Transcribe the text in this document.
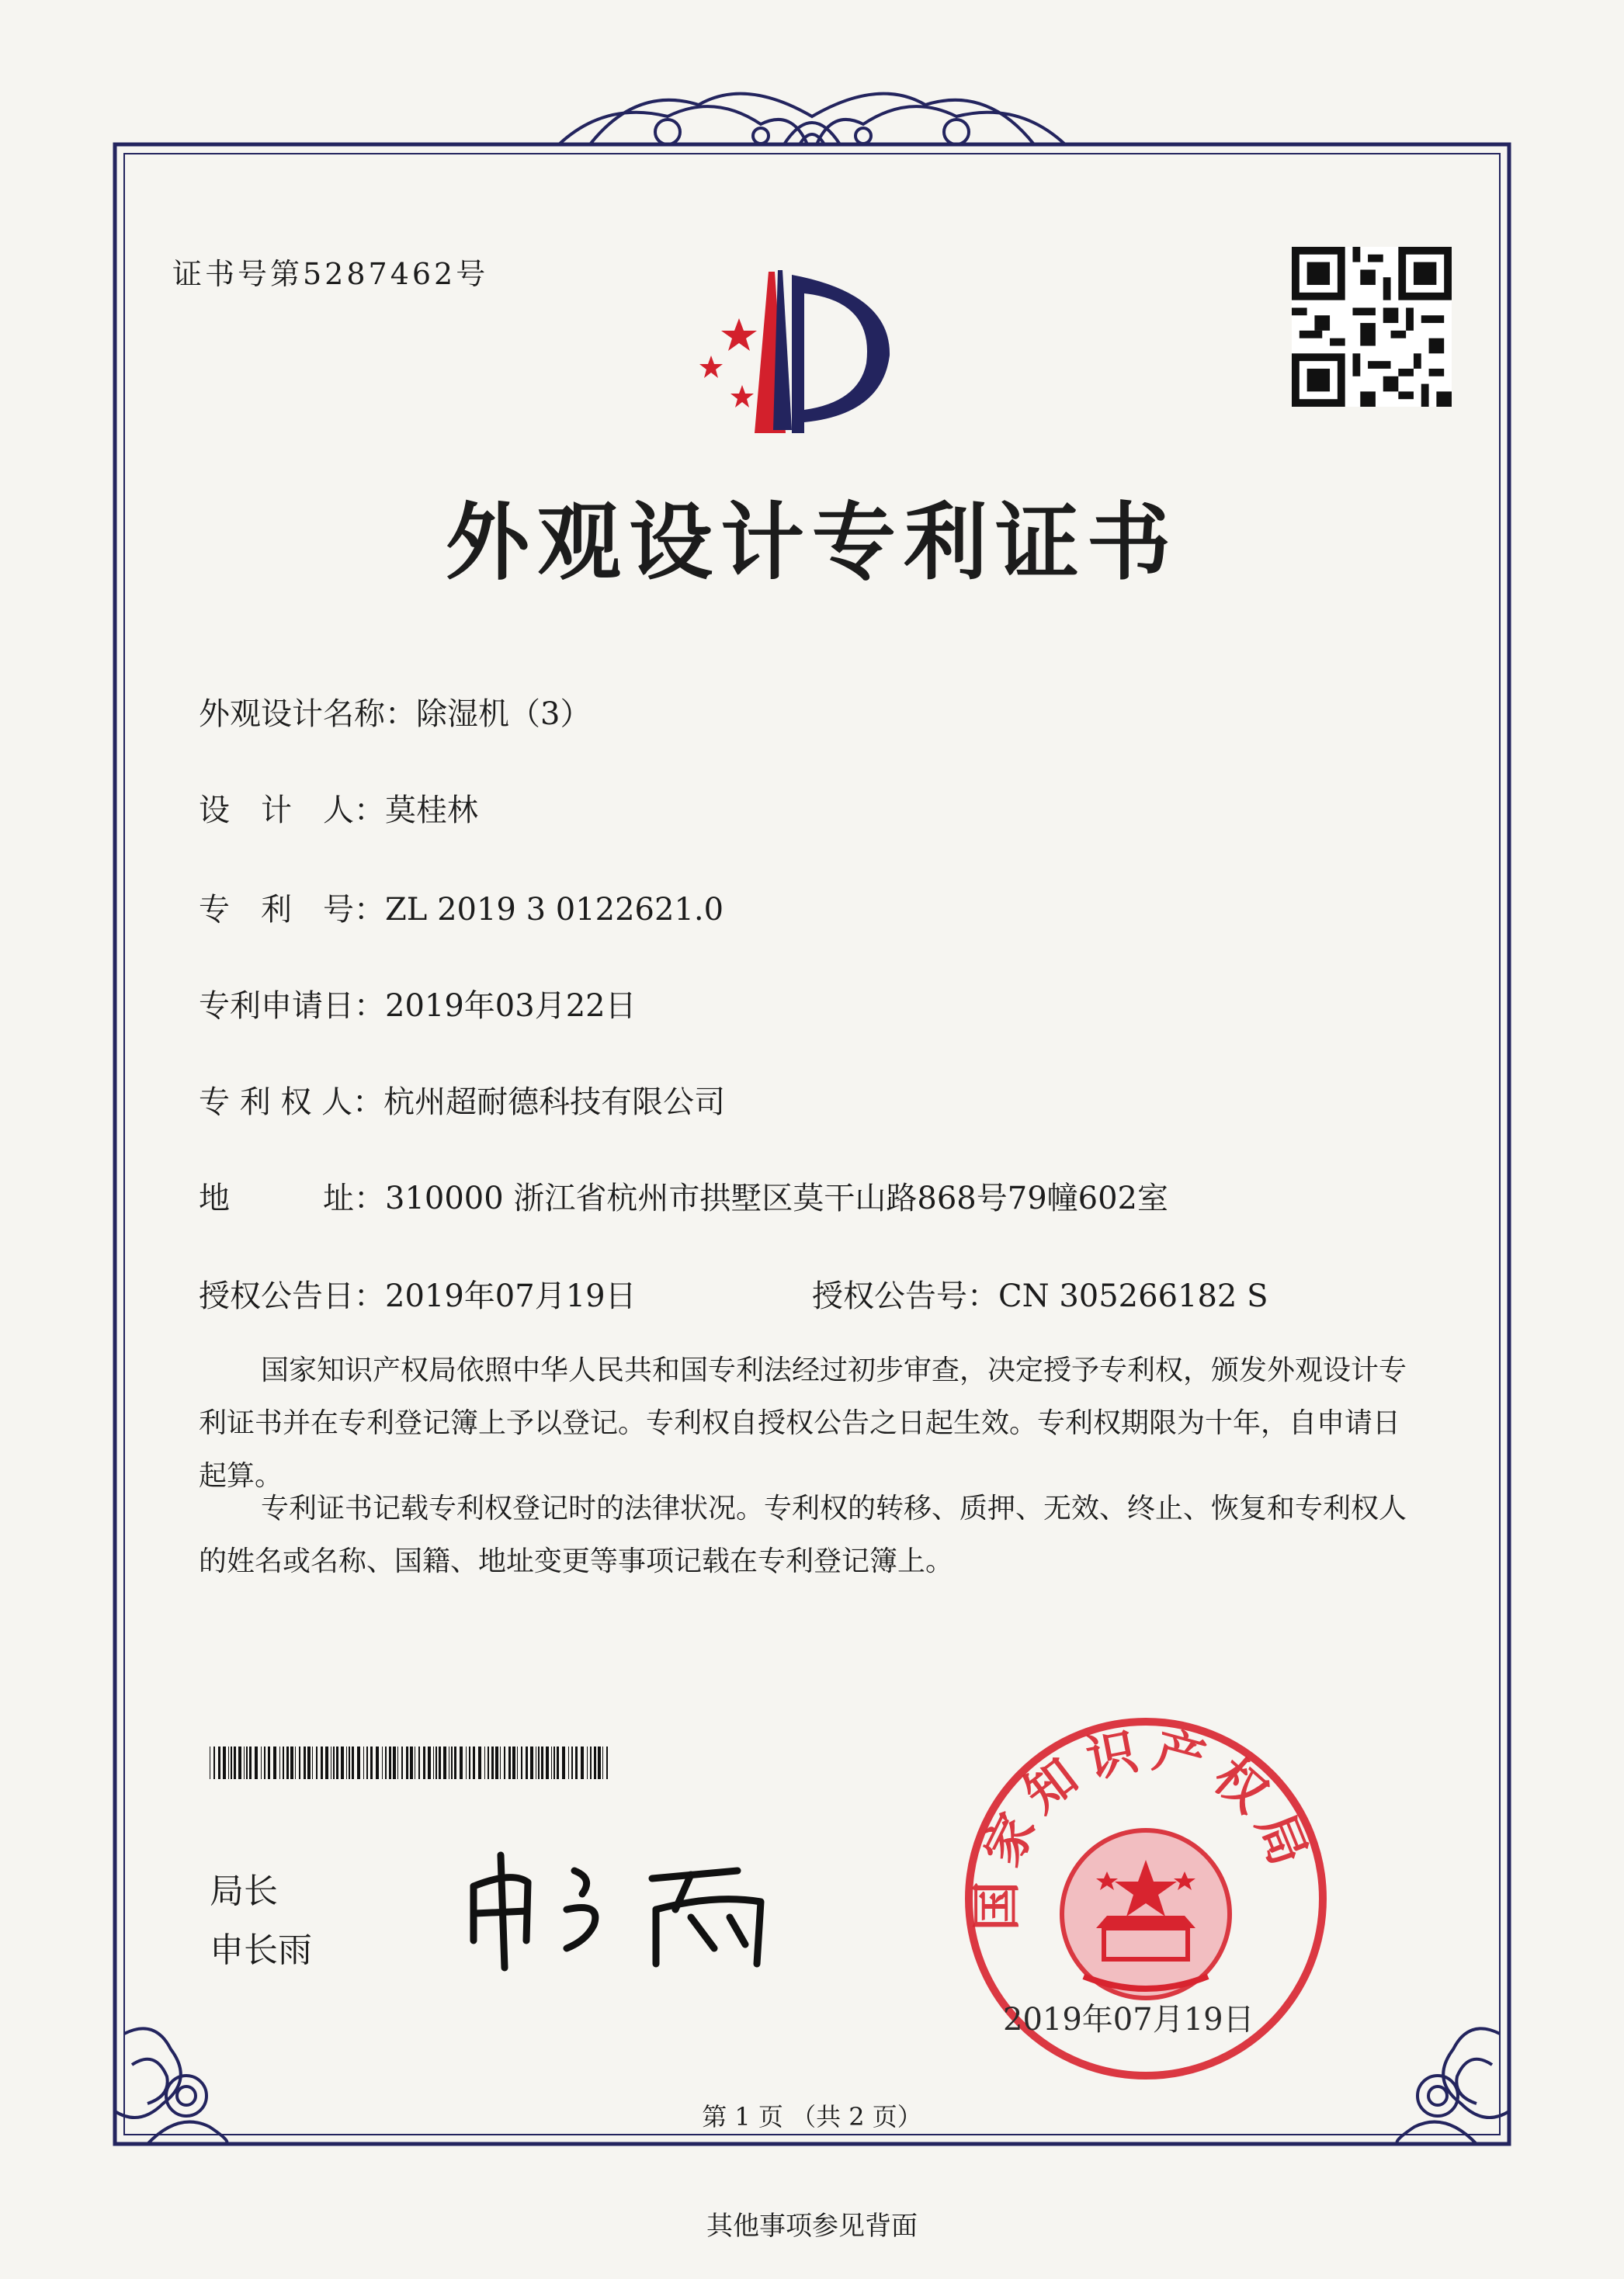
证书号第5287462号
外观设计专利证书
外观设计名称：除湿机（3）
设　计　人：莫桂林
专　利　号：ZL 2019 3 0122621.0
专利申请日：2019年03月22日
专 利 权 人：杭州超耐德科技有限公司
地　　　址：310000 浙江省杭州市拱墅区莫干山路868号79幢602室
授权公告日：2019年07月19日	授权公告号：CN 305266182 S
国家知识产权局依照中华人民共和国专利法经过初步审查，决定授予专利权，颁发外观设计专利证书并在专利登记簿上予以登记。专利权自授权公告之日起生效。专利权期限为十年，自申请日起算。
专利证书记载专利权登记时的法律状况。专利权的转移、质押、无效、终止、恢复和专利权人的姓名或名称、国籍、地址变更等事项记载在专利登记簿上。
局长
申长雨
国家知识产权局
2019年07月19日
第 1 页 （共 2 页）
其他事项参见背面
